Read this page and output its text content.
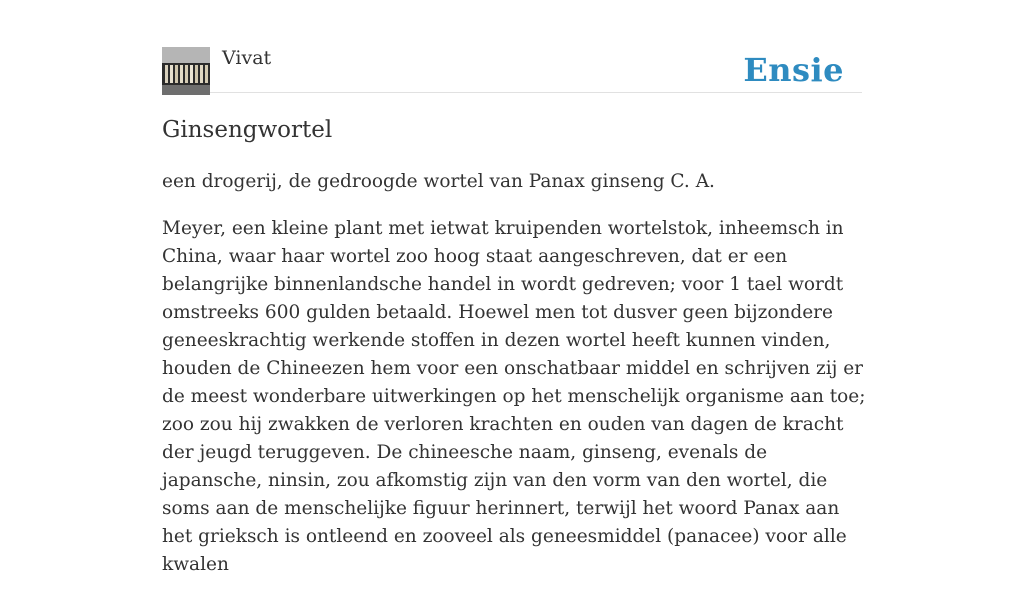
Vivat	Ensie
Ginsengwortel

een drogerij, de gedroogde wortel van Panax ginseng C. A.

Meyer, een kleine plant met ietwat kruipenden wortelstok, inheemsch in China, waar haar wortel zoo hoog staat aangeschreven, dat er een belangrijke binnenlandsche handel in wordt gedreven; voor 1 tael wordt omstreeks 600 gulden betaald. Hoewel men tot dusver geen bijzondere geneeskrachtig werkende stoffen in dezen wortel heeft kunnen vinden, houden de Chineezen hem voor een onschatbaar middel en schrijven zij er de meest wonderbare uitwerkingen op het menschelijk organisme aan toe; zoo zou hij zwakken de verloren krachten en ouden van dagen de kracht der jeugd teruggeven. De chineesche naam, ginseng, evenals de japansche, ninsin, zou afkomstig zijn van den vorm van den wortel, die soms aan de menschelijke figuur herinnert, terwijl het woord Panax aan het grieksch is ontleend en zooveel als geneesmiddel (panacee) voor alle kwalen
